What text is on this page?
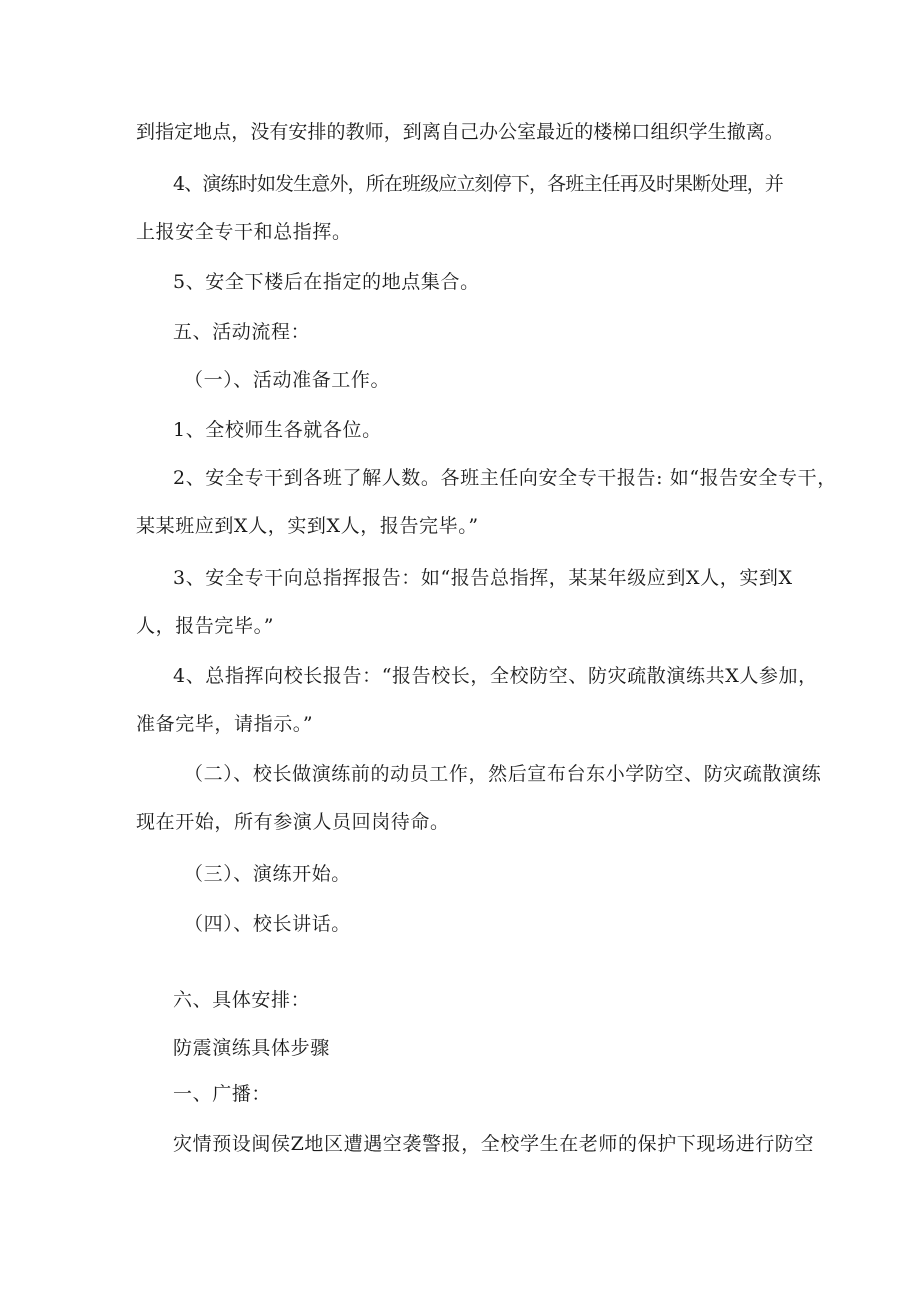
到指定地点，没有安排的教师，到离自己办公室最近的楼梯口组织学生撤离。
4、演练时如发生意外，所在班级应立刻停下，各班主任再及时果断处理，并
上报安全专干和总指挥。
5、安全下楼后在指定的地点集合。
五、活动流程：
（一）、活动准备工作。
1、全校师生各就各位。
2、安全专干到各班了解人数。各班主任向安全专干报告: 如“报告安全专干，
某某班应到X人，实到X人，报告完毕。”
3、安全专干向总指挥报告：如“报告总指挥，某某年级应到X人，实到X
人，报告完毕。”
4、总指挥向校长报告：“报告校长，全校防空、防灾疏散演练共X人参加，
准备完毕，请指示。”
（二）、校长做演练前的动员工作，然后宣布台东小学防空、防灾疏散演练
现在开始，所有参演人员回岗待命。
（三）、演练开始。
（四）、校长讲话。
六、具体安排：
防震演练具体步骤
一、广播：
灾情预设闽侯Z地区遭遇空袭警报，全校学生在老师的保护下现场进行防空
